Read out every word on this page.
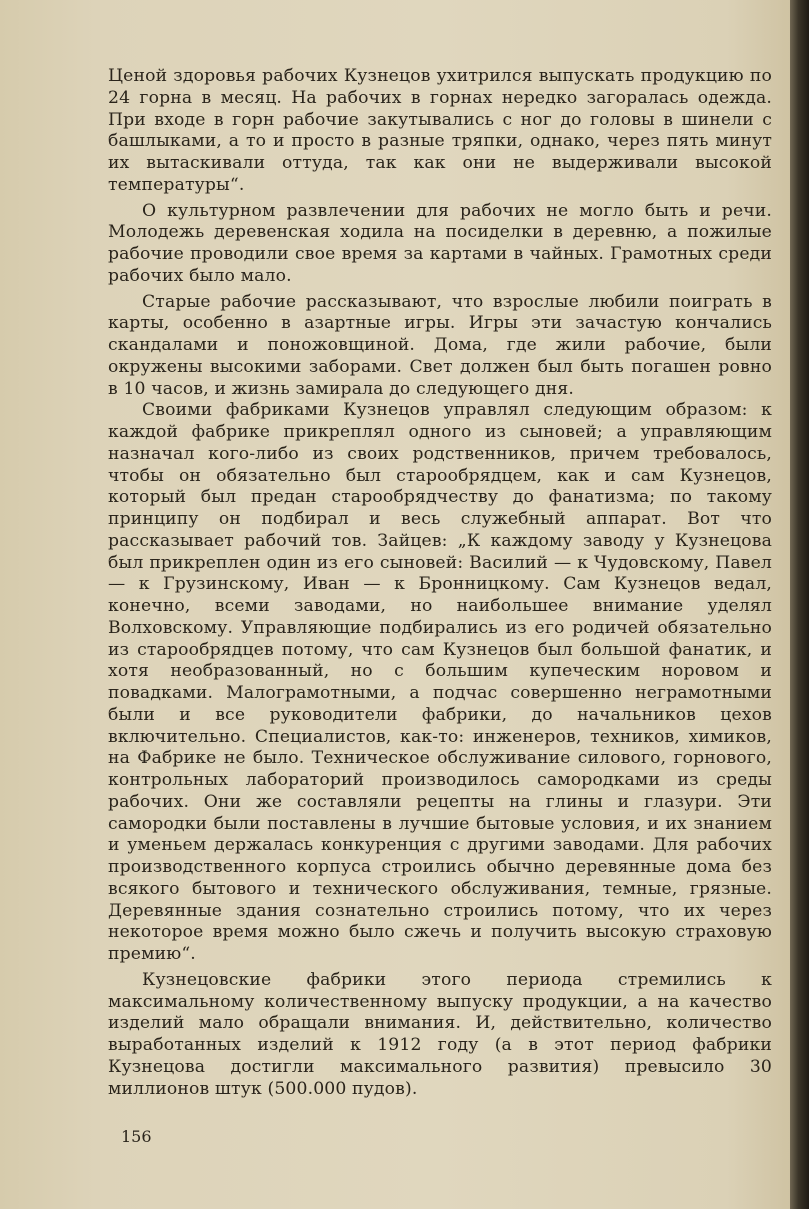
Ценой здоровья рабочих Кузнецов ухитрился выпускать продукцию по 24 горна в месяц. На рабочих в горнах нередко загоралась одежда. При входе в горн рабочие закутывались с ног до головы в шинели с башлыками, а то и просто в разные тряпки, однако, через пять минут их вытаскивали оттуда, так как они не выдерживали высокой температуры“.

О культурном развлечении для рабочих не могло быть и речи. Молодежь деревенская ходила на посиделки в деревню, а пожилые рабочие проводили свое время за картами в чайных. Грамотных среди рабочих было мало.

Старые рабочие рассказывают, что взрослые любили поиграть в карты, особенно в азартные игры. Игры эти зачастую кончались скандалами и поножовщиной. Дома, где жили рабочие, были окружены высокими заборами. Свет должен был быть погашен ровно в 10 часов, и жизнь замирала до следующего дня.

Своими фабриками Кузнецов управлял следующим образом: к каждой фабрике прикреплял одного из сыновей; а управляющим назначал кого-либо из своих родственников, причем требовалось, чтобы он обязательно был старообрядцем, как и сам Кузнецов, который был предан старообрядчеству до фанатизма; по такому принципу он подбирал и весь служебный аппарат. Вот что рассказывает рабочий тов. Зайцев: „К каждому заводу у Кузнецова был прикреплен один из его сыновей: Василий — к Чудовскому, Павел — к Грузинскому, Иван — к Бронницкому. Сам Кузнецов ведал, конечно, всеми заводами, но наибольшее внимание уделял Волховскому. Управляющие подбирались из его родичей обязательно из старообрядцев потому, что сам Кузнецов был большой фанатик, и хотя необразованный, но с большим купеческим норовом и повадками. Малограмотными, а подчас совершенно неграмотными были и все руководители фабрики, до начальников цехов включительно. Специалистов, как-то: инженеров, техников, химиков, на Фабрике не было. Техническое обслуживание силового, горнового, контрольных лабораторий производилось самородками из среды рабочих. Они же составляли рецепты на глины и глазури. Эти самородки были поставлены в лучшие бытовые условия, и их знанием и уменьем держалась конкуренция с другими заводами. Для рабочих производственного корпуса строились обычно деревянные дома без всякого бытового и технического обслуживания, темные, грязные. Деревянные здания сознательно строились потому, что их через некоторое время можно было сжечь и получить высокую страховую премию“.

Кузнецовские фабрики этого периода стремились к максимальному количественному выпуску продукции, а на качество изделий мало обращали внимания. И, действительно, количество выработанных изделий к 1912 году (а в этот период фабрики Кузнецова достигли максимального развития) превысило 30 миллионов штук (500.000 пудов).

156
